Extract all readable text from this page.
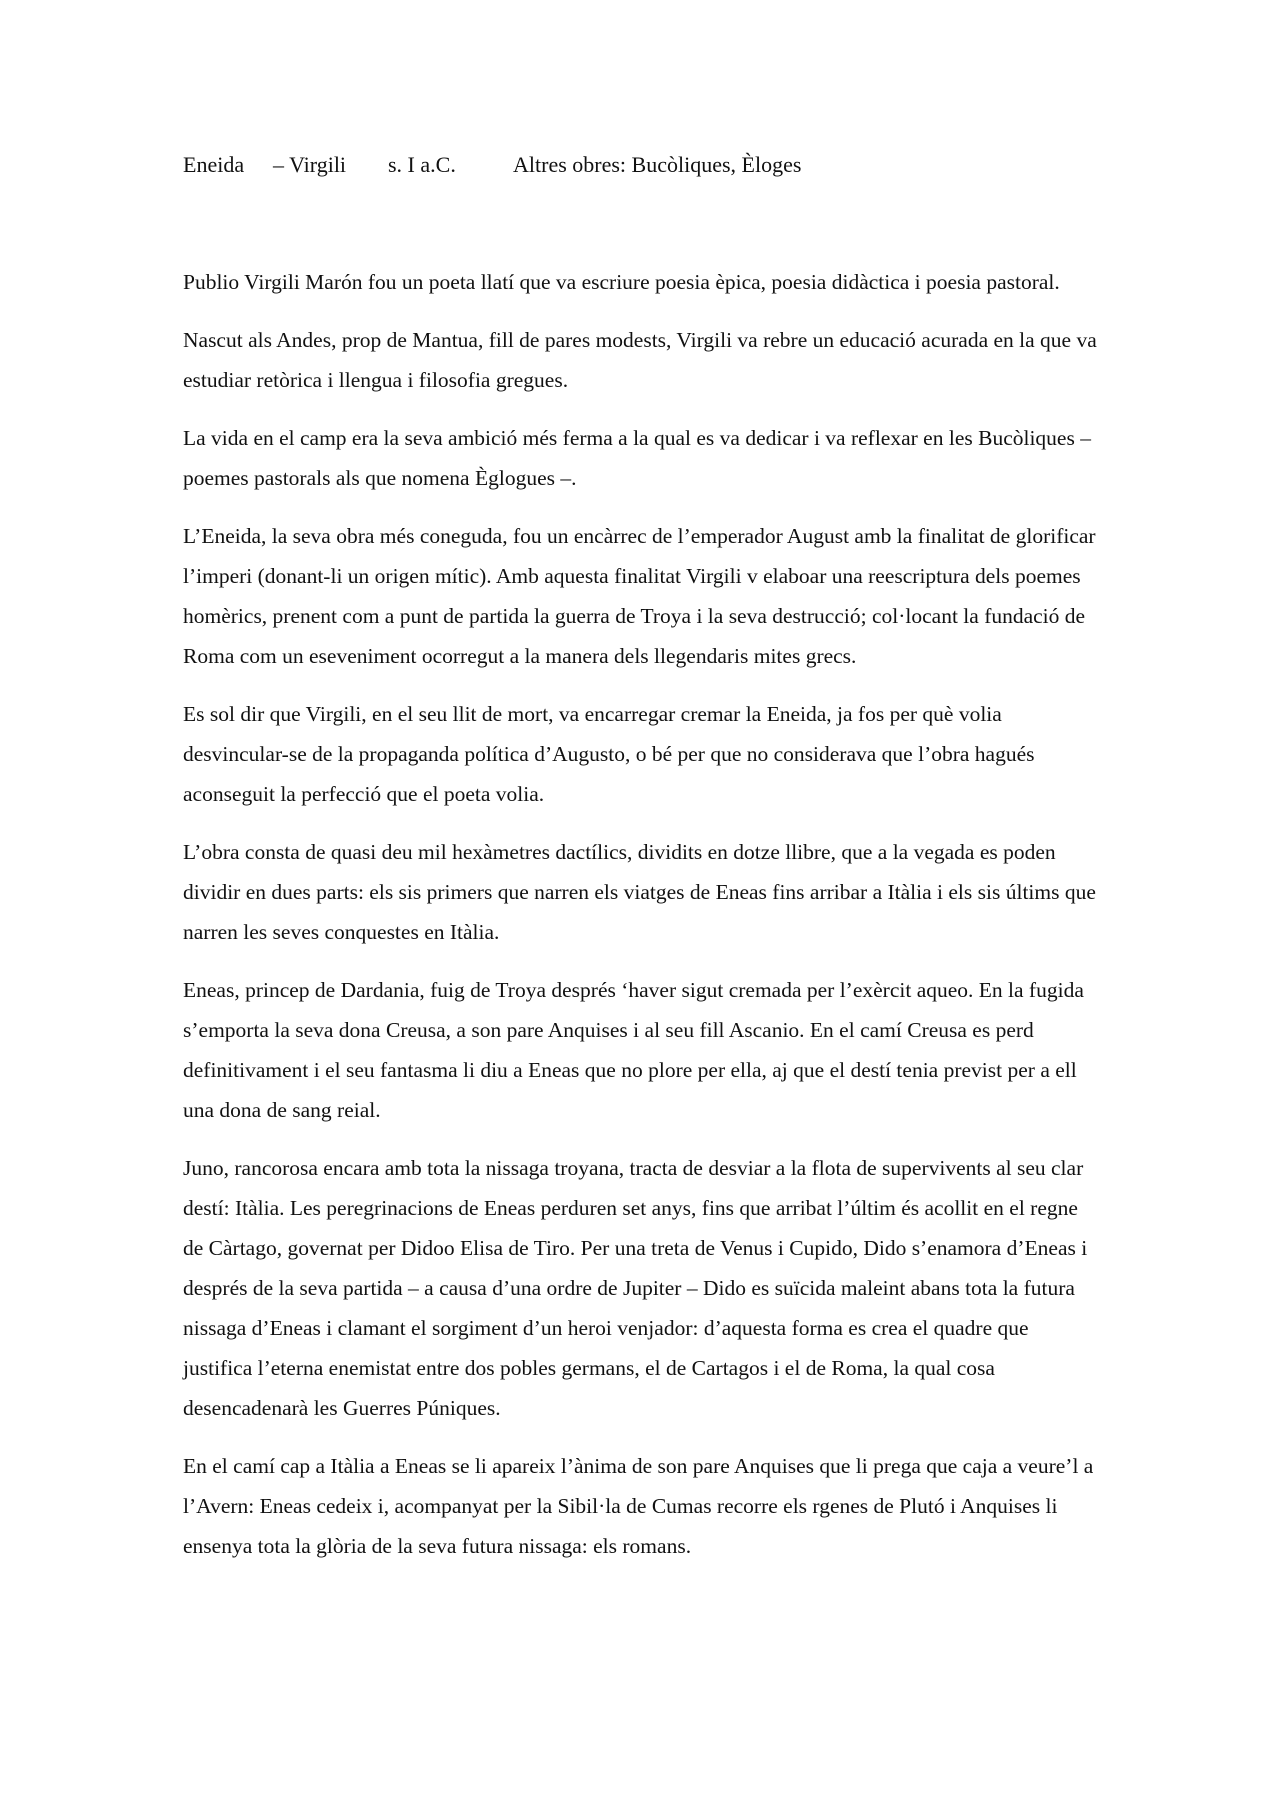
Eneida – Virgili s. I a.C.	Altres obres: Bucòliques, Èloges

Publio Virgili Marón fou un poeta llatí que va escriure poesia èpica, poesia didàctica i poesia pastoral.

Nascut als Andes, prop de Mantua, fill de pares modests, Virgili va rebre un educació acurada en la que va estudiar retòrica i llengua i filosofia gregues.

La vida en el camp era la seva ambició més ferma a la qual es va dedicar i va reflexar en les Bucòliques – poemes pastorals als que nomena Èglogues –.

L’Eneida, la seva obra més coneguda, fou un encàrrec de l’emperador August amb la finalitat de glorificar l’imperi (donant-li un origen mític). Amb aquesta finalitat Virgili v elaboar una reescriptura dels poemes homèrics, prenent com a punt de partida la guerra de Troya i la seva destrucció; col·locant la fundació de Roma com un eseveniment ocorregut a la manera dels llegendaris mites grecs.

Es sol dir que Virgili, en el seu llit de mort, va encarregar cremar la Eneida, ja fos per què volia desvincular-se de la propaganda política d’Augusto, o bé per que no considerava que l’obra hagués aconseguit la perfecció que el poeta volia.

L’obra consta de quasi deu mil hexàmetres dactílics, dividits en dotze llibre, que a la vegada es poden dividir en dues parts: els sis primers que narren els viatges de Eneas fins arribar a Itàlia i els sis últims que narren les seves conquestes en Itàlia.

Eneas, princep de Dardania, fuig de Troya després ‘haver sigut cremada per l’exèrcit aqueo. En la fugida s’emporta la seva dona Creusa, a son pare Anquises i al seu fill Ascanio. En el camí Creusa es perd definitivament i el seu fantasma li diu a Eneas que no plore per ella, aj que el destí tenia previst per a ell una dona de sang reial.

Juno, rancorosa encara amb tota la nissaga troyana, tracta de desviar a la flota de supervivents al seu clar destí: Itàlia. Les peregrinacions de Eneas perduren set anys, fins que arribat l’últim és acollit en el regne de Càrtago, governat per Didoo Elisa de Tiro. Per una treta de Venus i Cupido, Dido s’enamora d’Eneas i després de la seva partida – a causa d’una ordre de Jupiter – Dido es suïcida maleint abans tota la futura nissaga d’Eneas i clamant el sorgiment d’un heroi venjador: d’aquesta forma es crea el quadre que justifica l’eterna enemistat entre dos pobles germans, el de Cartagos i el de Roma, la qual cosa desencadenarà les Guerres Púniques.

En el camí cap a Itàlia a Eneas se li apareix l’ànima de son pare Anquises que li prega que caja a veure’l a l’Avern: Eneas cedeix i, acompanyat per la Sibil·la de Cumas recorre els rgenes de Plutó i Anquises li ensenya tota la glòria de la seva futura nissaga: els romans.
